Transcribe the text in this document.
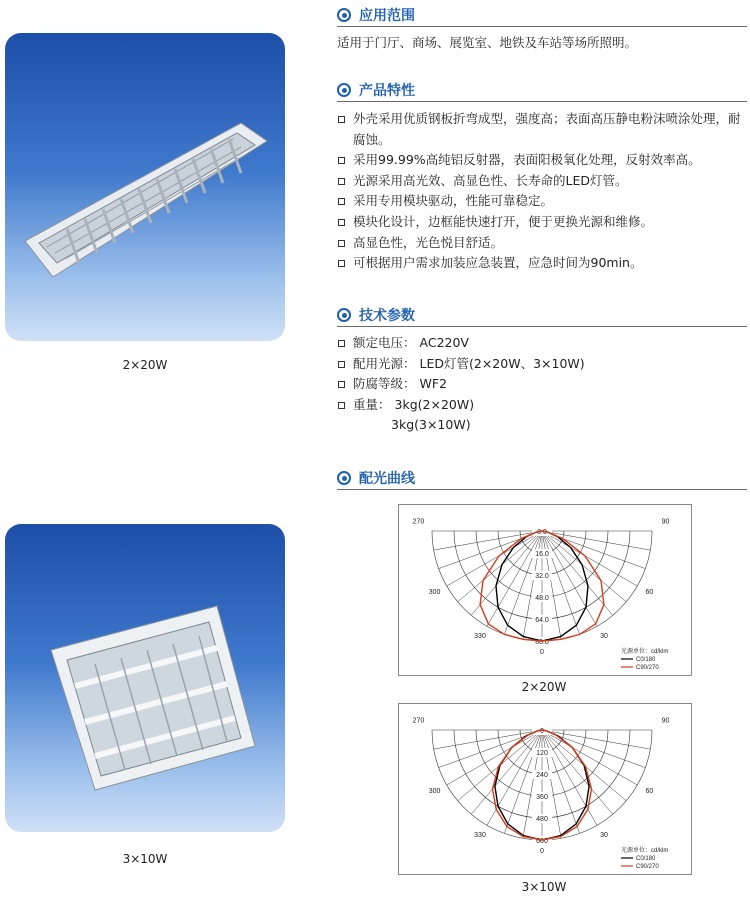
2×20W
3×10W
应用范围
适用于门厅、商场、展览室、地铁及车站等场所照明。
产品特性
外壳采用优质钢板折弯成型，强度高；表面高压静电粉沫喷涂处理，耐腐蚀。
采用99.99%高纯铝反射器，表面阳极氧化处理，反射效率高。
光源采用高光效、高显色性、长寿命的LED灯管。
采用专用模块驱动，性能可靠稳定。
模块化设计，边框能快速打开，便于更换光源和维修。
高显色性，光色悦目舒适。
可根据用户需求加装应急装置，应急时间为90min。
技术参数
额定电压： AC220V
配用光源： LED灯管(2×20W、3×10W)
防腐等级： WF2
重量： 3kg(2×20W)
3kg(3×10W)
配光曲线
270	90
300	60
330	30
0
0.0
16.0
32.0
48.0
64.0
80.0
光源单位：cd/klm
C0/180
C90/270
2×20W
270	90
300	60
330	30
0
0
120
240
360
480
600
光源单位：cd/klm
C0/180
C90/270
3×10W
